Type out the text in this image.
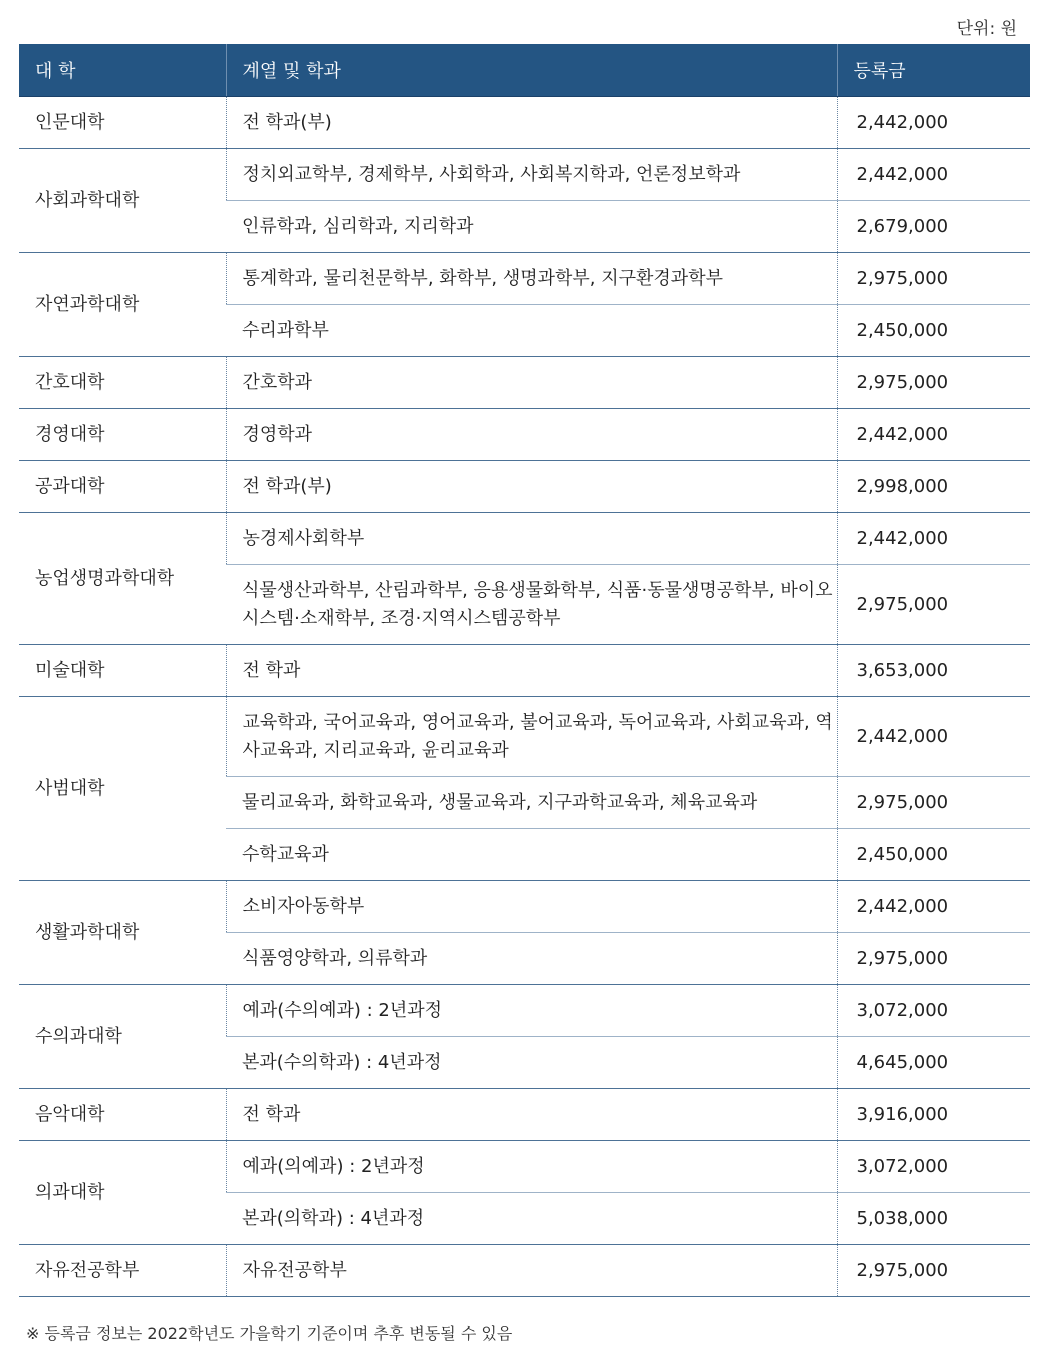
단위: 원
대 학	계열 및 학과	등록금
인문대학	전 학과(부)	2,442,000
사회과학대학	정치외교학부, 경제학부, 사회학과, 사회복지학과, 언론정보학과	2,442,000
	인류학과, 심리학과, 지리학과	2,679,000
자연과학대학	통계학과, 물리천문학부, 화학부, 생명과학부, 지구환경과학부	2,975,000
	수리과학부	2,450,000
간호대학	간호학과	2,975,000
경영대학	경영학과	2,442,000
공과대학	전 학과(부)	2,998,000
농업생명과학대학	농경제사회학부	2,442,000
	식물생산과학부, 산림과학부, 응용생물화학부, 식품·동물생명공학부, 바이오시스템·소재학부, 조경·지역시스템공학부	2,975,000
미술대학	전 학과	3,653,000
사범대학	교육학과, 국어교육과, 영어교육과, 불어교육과, 독어교육과, 사회교육과, 역사교육과, 지리교육과, 윤리교육과	2,442,000
	물리교육과, 화학교육과, 생물교육과, 지구과학교육과, 체육교육과	2,975,000
	수학교육과	2,450,000
생활과학대학	소비자아동학부	2,442,000
	식품영양학과, 의류학과	2,975,000
수의과대학	예과(수의예과) : 2년과정	3,072,000
	본과(수의학과) : 4년과정	4,645,000
음악대학	전 학과	3,916,000
의과대학	예과(의예과) : 2년과정	3,072,000
	본과(의학과) : 4년과정	5,038,000
자유전공학부	자유전공학부	2,975,000
※ 등록금 정보는 2022학년도 가을학기 기준이며 추후 변동될 수 있음
